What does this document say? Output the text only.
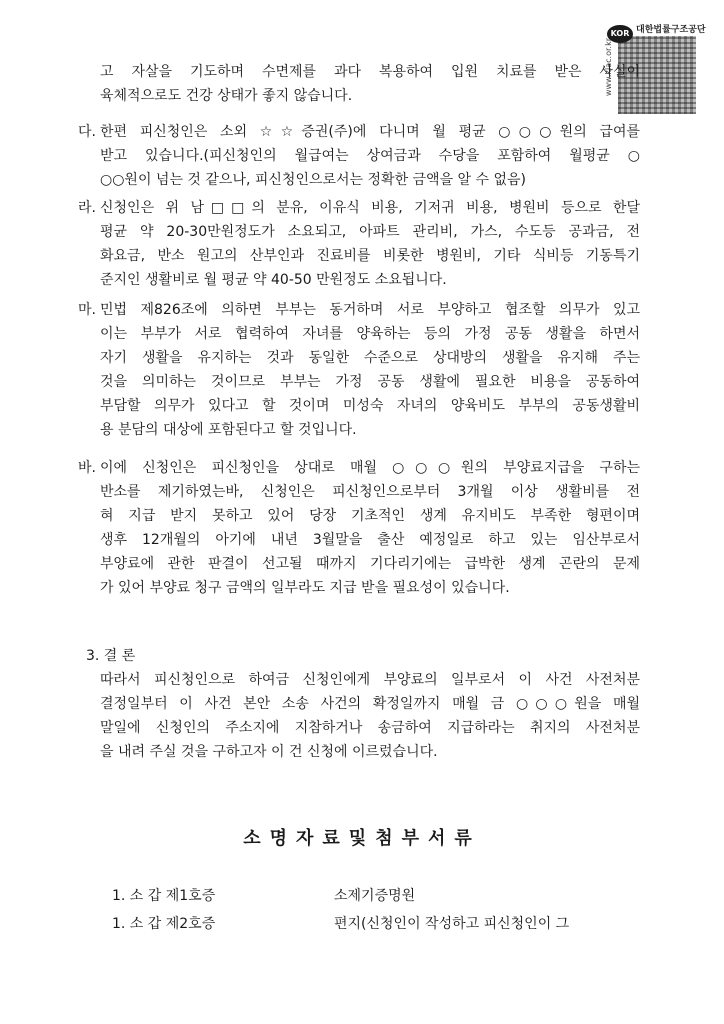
KOR 대한법률구조공단
www.klac.or.kr
고 자살을 기도하며 수면제를 과다 복용하여 입원 치료를 받은 사실이
육체적으로도 건강 상태가 좋지 않습니다.
다. 한편 피신청인은 소외 ☆☆증권(주)에 다니며 월 평균 ○○○원의 급여를
받고 있습니다.(피신청인의 월급여는 상여금과 수당을 포함하여 월평균 ○
○○원이 넘는 것 같으나, 피신청인으로서는 정확한 금액을 알 수 없음)
라. 신청인은 위 남□□의 분유, 이유식 비용, 기저귀 비용, 병원비 등으로 한달
평균 약 20-30만원정도가 소요되고, 아파트 관리비, 가스, 수도등 공과금, 전
화요금, 반소 원고의 산부인과 진료비를 비롯한 병원비, 기타 식비등 기동특기
준지인 생활비로 월 평균 약 40-50 만원정도 소요됩니다.
마. 민법 제826조에 의하면 부부는 동거하며 서로 부양하고 협조할 의무가 있고
이는 부부가 서로 협력하여 자녀를 양육하는 등의 가정 공동 생활을 하면서
자기 생활을 유지하는 것과 동일한 수준으로 상대방의 생활을 유지해 주는
것을 의미하는 것이므로 부부는 가정 공동 생활에 필요한 비용을 공동하여
부담할 의무가 있다고 할 것이며 미성숙 자녀의 양육비도 부부의 공동생활비
용 분담의 대상에 포함된다고 할 것입니다.
바. 이에 신청인은 피신청인을 상대로 매월 ○○○원의 부양료지급을 구하는
반소를 제기하였는바, 신청인은 피신청인으로부터 3개월 이상 생활비를 전
혀 지급 받지 못하고 있어 당장 기초적인 생계 유지비도 부족한 형편이며
생후 12개월의 아기에 내년 3월말을 출산 예정일로 하고 있는 임산부로서
부양료에 관한 판결이 선고될 때까지 기다리기에는 급박한 생계 곤란의 문제
가 있어 부양료 청구 금액의 일부라도 지급 받을 필요성이 있습니다.
3. 결 론
따라서 피신청인으로 하여금 신청인에게 부양료의 일부로서 이 사건 사전처분
결정일부터 이 사건 본안 소송 사건의 확정일까지 매월 금 ○○○원을 매월
말일에 신청인의 주소지에 지참하거나 송금하여 지급하라는 취지의 사전처분
을 내려 주실 것을 구하고자 이 건 신청에 이르렀습니다.
소명자료및첨부서류
1. 소 갑 제1호증	소제기증명원
1. 소 갑 제2호증	편지(신청인이 작성하고 피신청인이 그
